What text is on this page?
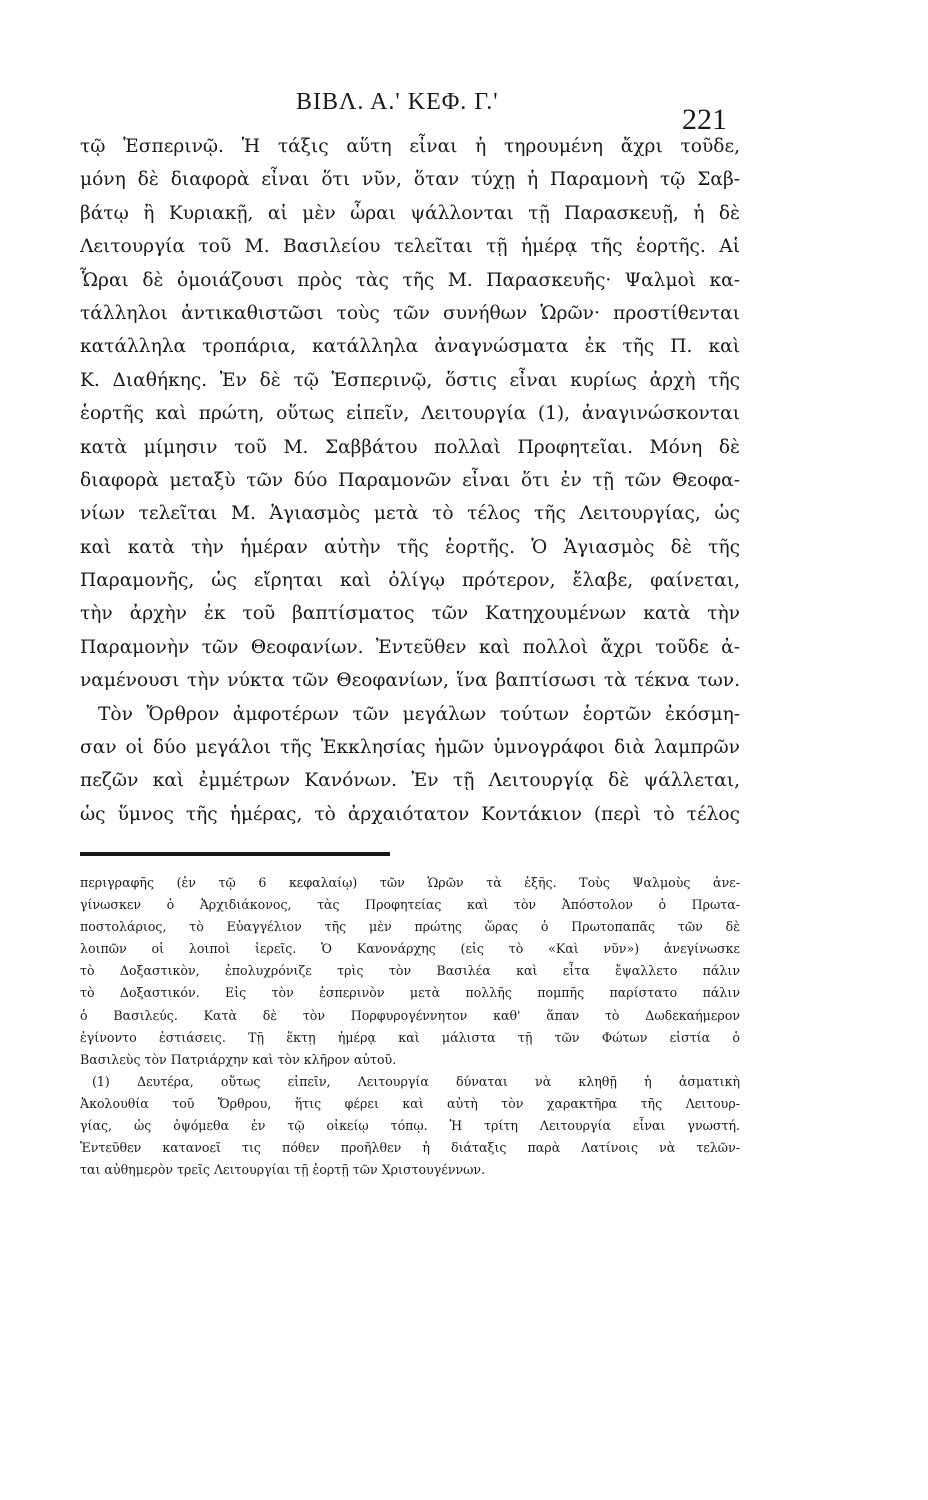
BIBΛ. Α.' ΚΕΦ. Γ.'
221
τῷ Ἑσπερινῷ. Ἡ τάξις αὕτη εἶναι ἡ τηρουμένη ἄχρι τοῦδε,
μόνη δὲ διαφορὰ εἶναι ὅτι νῦν, ὅταν τύχῃ ἡ Παραμονὴ τῷ Σαβ-
βάτῳ ἢ Κυριακῇ, αἱ μὲν ὧραι ψάλλονται τῇ Παρασκευῇ, ἡ δὲ
Λειτουργία τοῦ Μ. Βασιλείου τελεῖται τῇ ἡμέρᾳ τῆς ἑορτῆς. Αἱ
Ὧραι δὲ ὁμοιάζουσι πρὸς τὰς τῆς Μ. Παρασκευῆς· Ψαλμοὶ κα-
τάλληλοι ἀντικαθιστῶσι τοὺς τῶν συνήθων Ὡρῶν· προστίθενται
κατάλληλα τροπάρια, κατάλληλα ἀναγνώσματα ἐκ τῆς Π. καὶ
Κ. Διαθήκης. Ἐν δὲ τῷ Ἑσπερινῷ, ὅστις εἶναι κυρίως ἀρχὴ τῆς
ἑορτῆς καὶ πρώτη, οὕτως εἰπεῖν, Λειτουργία (1), ἀναγινώσκονται
κατὰ μίμησιν τοῦ Μ. Σαββάτου πολλαὶ Προφητεῖαι. Μόνη δὲ
διαφορὰ μεταξὺ τῶν δύο Παραμονῶν εἶναι ὅτι ἐν τῇ τῶν Θεοφα-
νίων τελεῖται Μ. Ἁγιασμὸς μετὰ τὸ τέλος τῆς Λειτουργίας, ὡς
καὶ κατὰ τὴν ἡμέραν αὐτὴν τῆς ἑορτῆς. Ὁ Ἁγιασμὸς δὲ τῆς
Παραμονῆς, ὡς εἴρηται καὶ ὀλίγῳ πρότερον, ἔλαβε, φαίνεται,
τὴν ἀρχὴν ἐκ τοῦ βαπτίσματος τῶν Κατηχουμένων κατὰ τὴν
Παραμονὴν τῶν Θεοφανίων. Ἐντεῦθεν καὶ πολλοὶ ἄχρι τοῦδε ἀ-
ναμένουσι τὴν νύκτα τῶν Θεοφανίων, ἵνα βαπτίσωσι τὰ τέκνα των.
Τὸν Ὄρθρον ἀμφοτέρων τῶν μεγάλων τούτων ἑορτῶν ἐκόσμη-
σαν οἱ δύο μεγάλοι τῆς Ἐκκλησίας ἡμῶν ὑμνογράφοι διὰ λαμπρῶν
πεζῶν καὶ ἐμμέτρων Κανόνων. Ἐν τῇ Λειτουργίᾳ δὲ ψάλλεται,
ὡς ὕμνος τῆς ἡμέρας, τὸ ἀρχαιότατον Κοντάκιον (περὶ τὸ τέλος
περιγραφῆς (ἐν τῷ 6 κεφαλαίῳ) τῶν Ὡρῶν τὰ ἑξῆς. Τοὺς Ψαλμοὺς ἀνε-
γίνωσκεν ὁ Ἀρχιδιάκονος, τὰς Προφητείας καὶ τὸν Ἀπόστολον ὁ Πρωτα-
ποστολάριος, τὸ Εὐαγγέλιον τῆς μὲν πρώτης ὥρας ὁ Πρωτοπαπᾶς τῶν δὲ
λοιπῶν οἱ λοιποὶ ἱερεῖς. Ὁ Κανονάρχης (εἰς τὸ «Καὶ νῦν») ἀνεγίνωσκε
τὸ Δοξαστικὸν, ἐπολυχρόνιζε τρὶς τὸν Βασιλέα καὶ εἶτα ἔψαλλετο πάλιν
τὸ Δοξαστικόν. Εἰς τὸν ἑσπερινὸν μετὰ πολλῆς πομπῆς παρίστατο πάλιν
ὁ Βασιλεύς. Κατὰ δὲ τὸν Πορφυρογέννητον καθ' ἅπαν τὸ Δωδεκαήμερον
ἐγίνοντο ἑστιάσεις. Τῇ ἕκτῃ ἡμέρᾳ καὶ μάλιστα τῇ τῶν Φώτων εἱστία ὁ
Βασιλεὺς τὸν Πατριάρχην καὶ τὸν κλῆρον αὐτοῦ.
(1) Δευτέρα, οὕτως εἰπεῖν, Λειτουργία δύναται νὰ κληθῇ ἡ ἀσματικὴ
Ἀκολουθία τοῦ Ὄρθρου, ἥτις φέρει καὶ αὐτὴ τὸν χαρακτῆρα τῆς Λειτουρ-
γίας, ὡς ὀψόμεθα ἐν τῷ οἰκείῳ τόπῳ. Ἡ τρίτη Λειτουργία εἶναι γνωστή.
Ἐντεῦθεν κατανοεῖ τις πόθεν προῆλθεν ἡ διάταξις παρὰ Λατίνοις νὰ τελῶν-
ται αὐθημερὸν τρεῖς Λειτουργίαι τῇ ἑορτῇ τῶν Χριστουγέννων.
